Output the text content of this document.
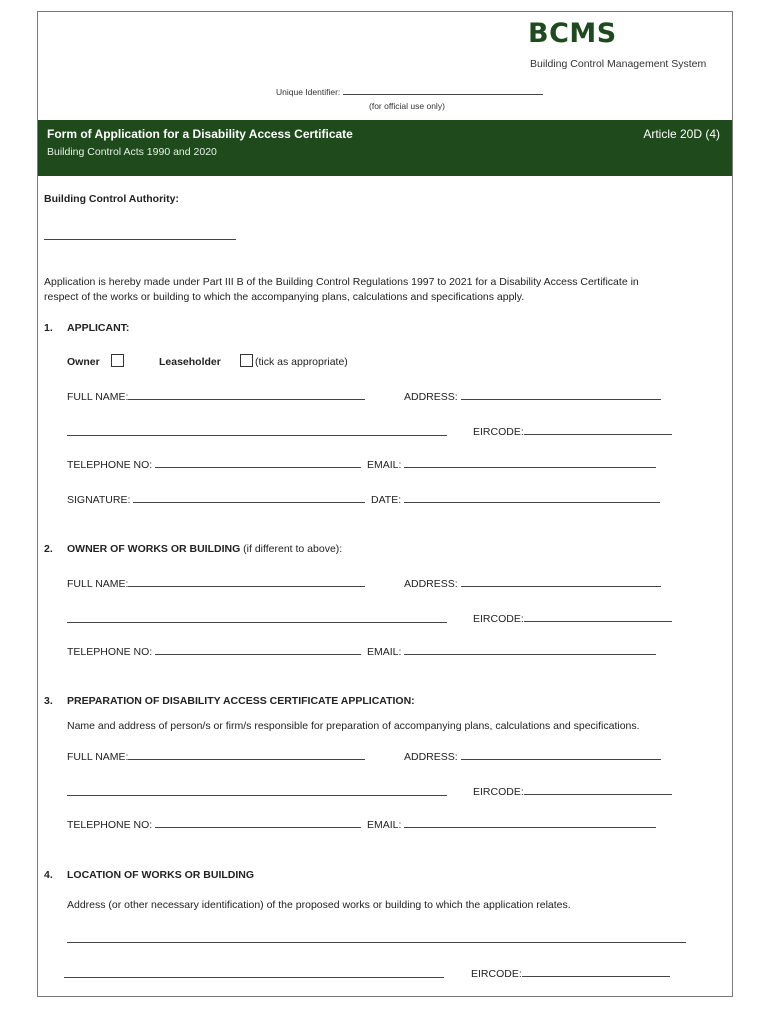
BCMS
Building Control Management System
Unique Identifier:
(for official use only)
Form of Application for a Disability Access Certificate
Building Control Acts 1990 and 2020
Article 20D (4)
Building Control Authority:
Application is hereby made under Part III B of the Building Control Regulations 1997 to 2021 for a Disability Access Certificate in
respect of the works or building to which the accompanying plans, calculations and specifications apply.
1. APPLICANT:
Owner	Leaseholder	(tick as appropriate)
FULL NAME:	ADDRESS:
EIRCODE:
TELEPHONE NO:	EMAIL:
SIGNATURE:	DATE:
2. OWNER OF WORKS OR BUILDING (if different to above):
FULL NAME:	ADDRESS:
EIRCODE:
TELEPHONE NO:	EMAIL:
3. PREPARATION OF DISABILITY ACCESS CERTIFICATE APPLICATION:
Name and address of person/s or firm/s responsible for preparation of accompanying plans, calculations and specifications.
FULL NAME:	ADDRESS:
EIRCODE:
TELEPHONE NO:	EMAIL:
4. LOCATION OF WORKS OR BUILDING
Address (or other necessary identification) of the proposed works or building to which the application relates.
EIRCODE:
